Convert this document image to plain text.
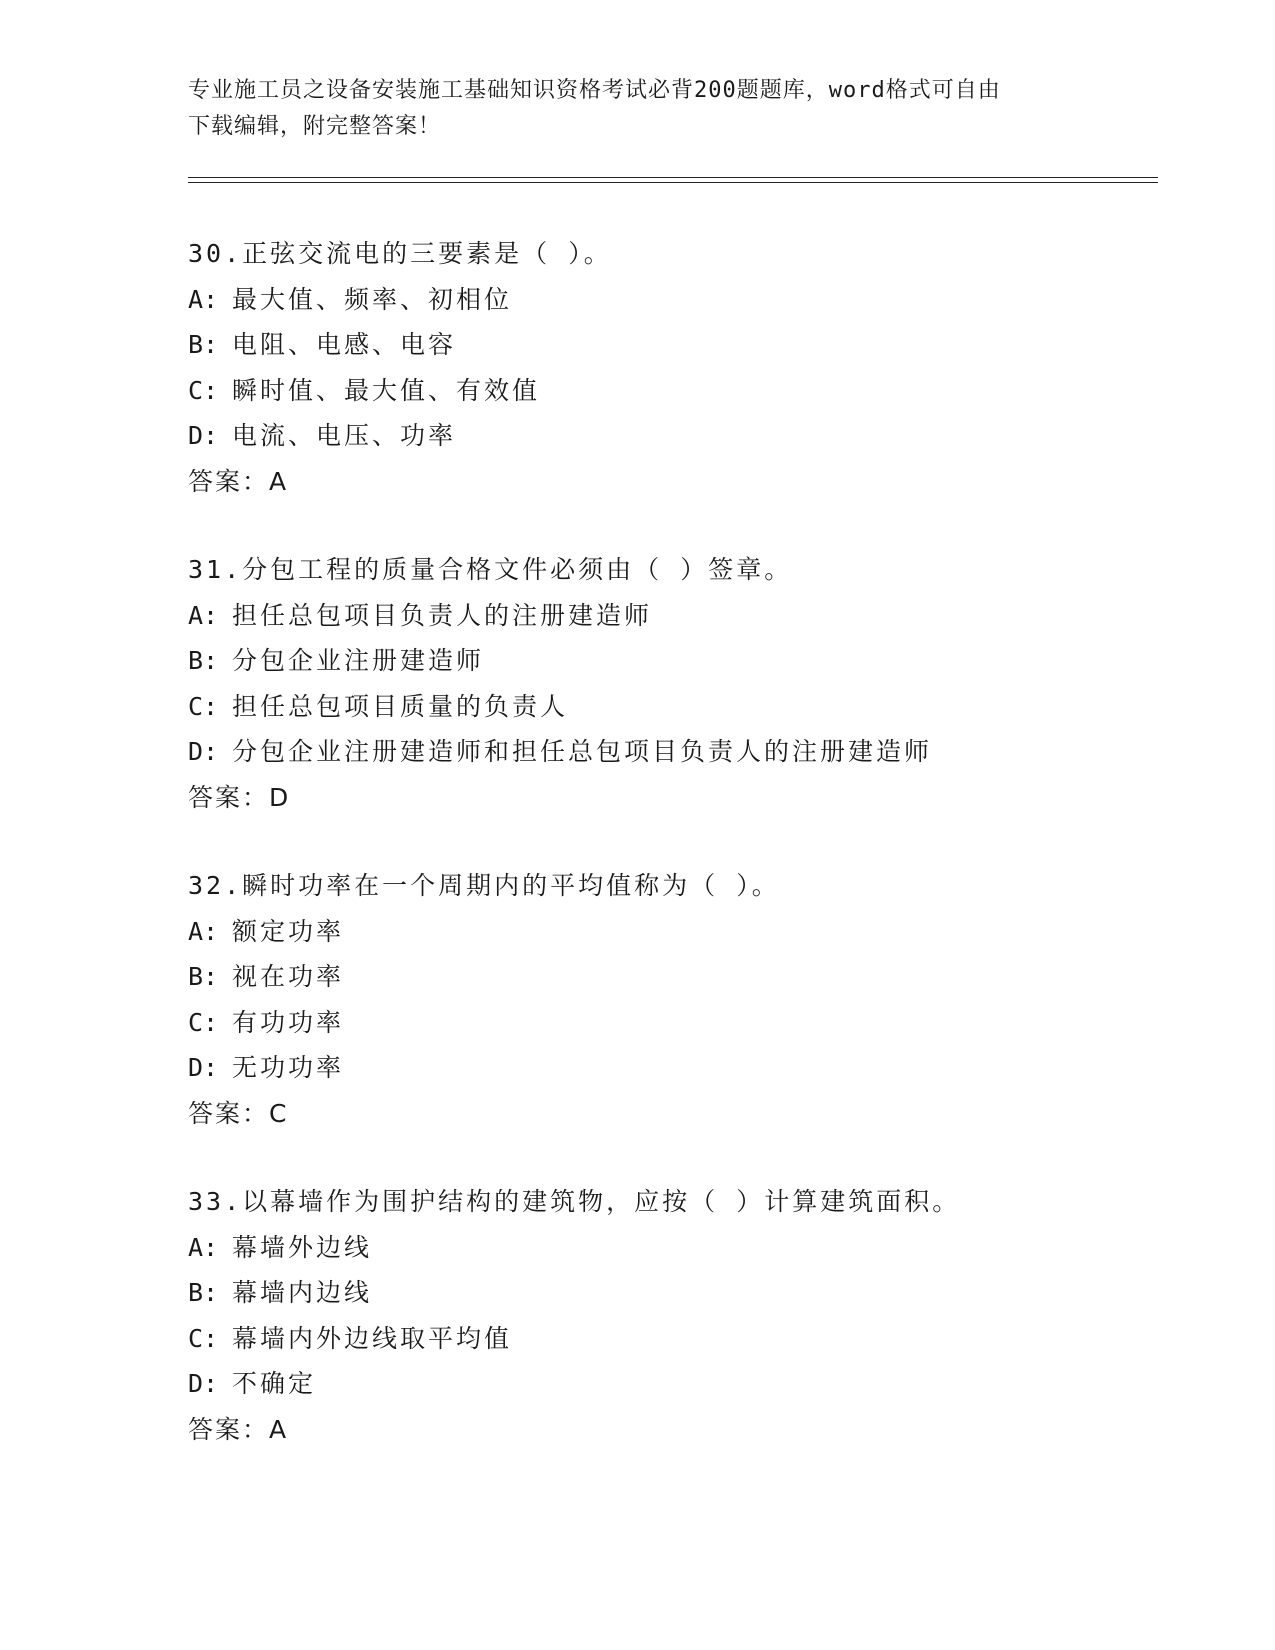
专业施工员之设备安装施工基础知识资格考试必背200题题库，word格式可自由
下载编辑，附完整答案！
30.正弦交流电的三要素是（ ）。
A: 最大值、频率、初相位
B: 电阻、电感、电容
C: 瞬时值、最大值、有效值
D: 电流、电压、功率
答案：A
31.分包工程的质量合格文件必须由（ ）签章。
A: 担任总包项目负责人的注册建造师
B: 分包企业注册建造师
C: 担任总包项目质量的负责人
D: 分包企业注册建造师和担任总包项目负责人的注册建造师
答案：D
32.瞬时功率在一个周期内的平均值称为（ ）。
A: 额定功率
B: 视在功率
C: 有功功率
D: 无功功率
答案：C
33.以幕墙作为围护结构的建筑物，应按（ ）计算建筑面积。
A: 幕墙外边线
B: 幕墙内边线
C: 幕墙内外边线取平均值
D: 不确定
答案：A
